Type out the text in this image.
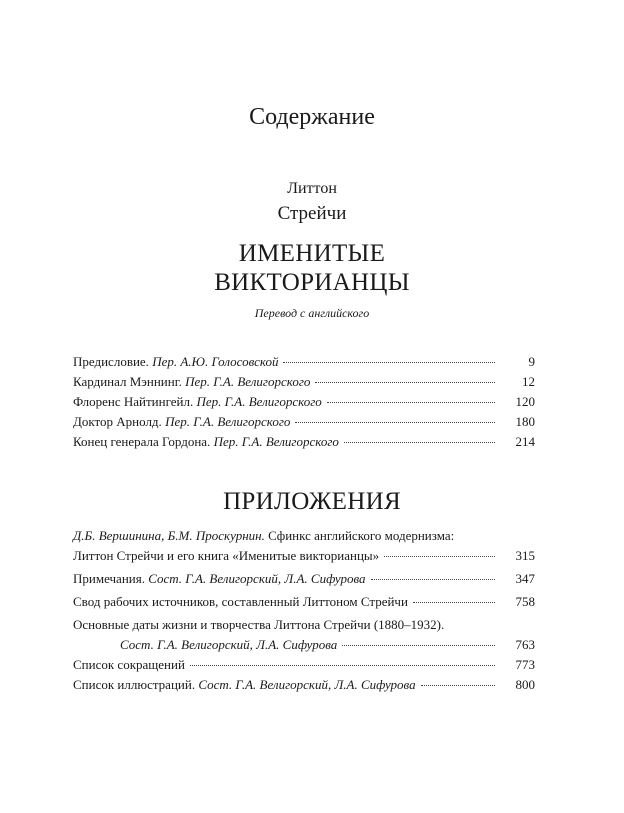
Содержание
Литтон
Стрейчи
ИМЕНИТЫЕ
ВИКТОРИАНЦЫ
Перевод с английского
Предисловие. Пер. А.Ю. Голосовской	9
Кардинал Мэннинг. Пер. Г.А. Велигорского	12
Флоренс Найтингейл. Пер. Г.А. Велигорского	120
Доктор Арнолд. Пер. Г.А. Велигорского	180
Конец генерала Гордона. Пер. Г.А. Велигорского	214
ПРИЛОЖЕНИЯ
Д.Б. Вершинина, Б.М. Проскурнин. Сфинкс английского модернизма:
Литтон Стрейчи и его книга «Именитые викторианцы»	315
Примечания. Сост. Г.А. Велигорский, Л.А. Сифурова	347
Свод рабочих источников, составленный Литтоном Стрейчи	758
Основные даты жизни и творчества Литтона Стрейчи (1880–1932).
Сост. Г.А. Велигорский, Л.А. Сифурова	763
Список сокращений	773
Список иллюстраций. Сост. Г.А. Велигорский, Л.А. Сифурова	800
